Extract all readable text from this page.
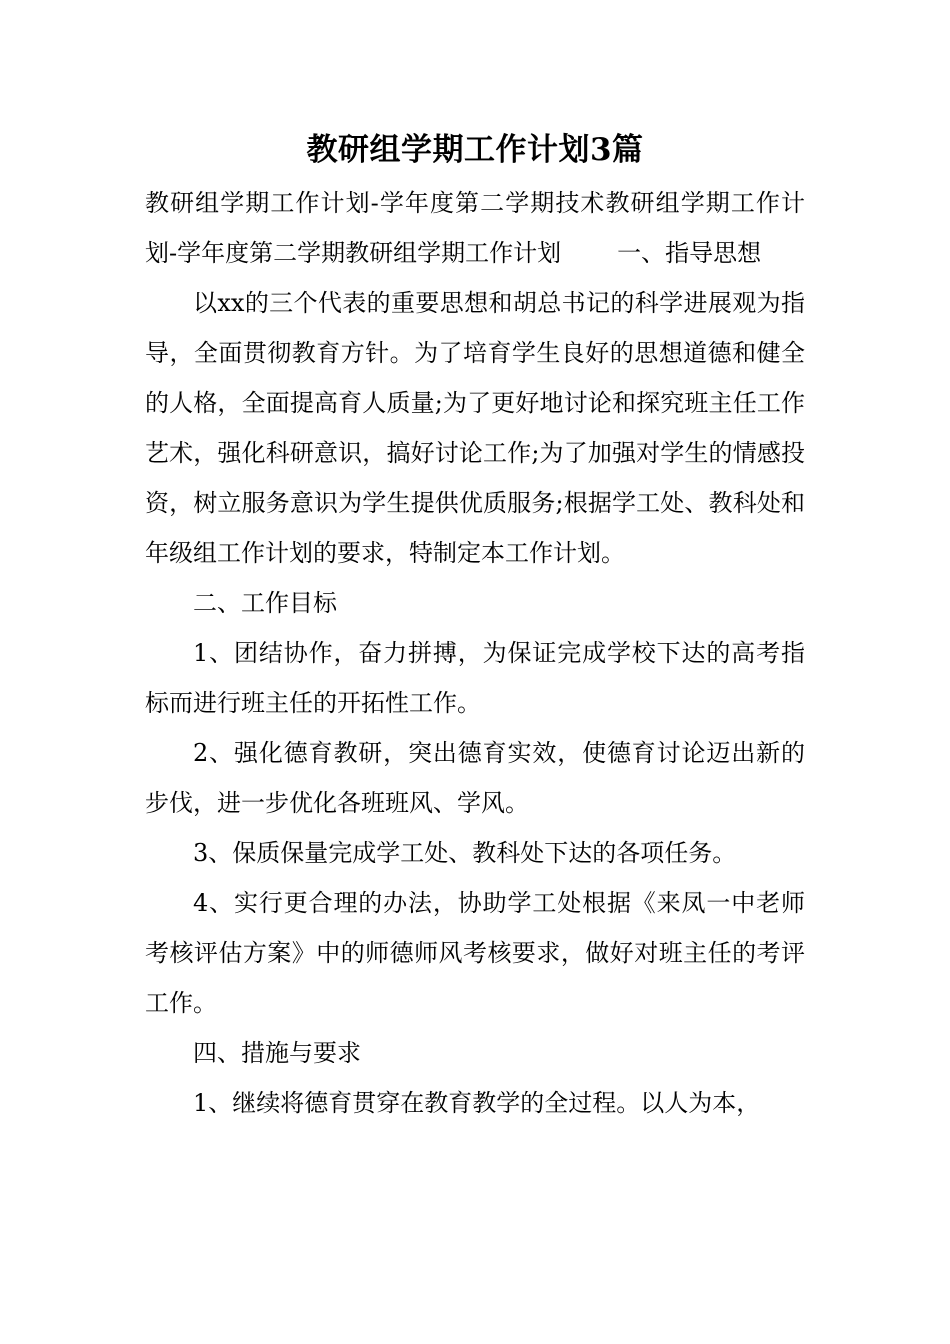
教研组学期工作计划3篇

教研组学期工作计划-学年度第二学期技术教研组学期工作计划-学年度第二学期教研组学期工作计划 一、指导思想

以xx的三个代表的重要思想和胡总书记的科学进展观为指导，全面贯彻教育方针。为了培育学生良好的思想道德和健全的人格，全面提高育人质量;为了更好地讨论和探究班主任工作艺术，强化科研意识，搞好讨论工作;为了加强对学生的情感投资，树立服务意识为学生提供优质服务;根据学工处、教科处和年级组工作计划的要求，特制定本工作计划。

二、工作目标

1、团结协作，奋力拼搏，为保证完成学校下达的高考指标而进行班主任的开拓性工作。

2、强化德育教研，突出德育实效，使德育讨论迈出新的步伐，进一步优化各班班风、学风。

3、保质保量完成学工处、教科处下达的各项任务。

4、实行更合理的办法，协助学工处根据《来凤一中老师考核评估方案》中的师德师风考核要求，做好对班主任的考评工作。

四、措施与要求

1、继续将德育贯穿在教育教学的全过程。以人为本，
